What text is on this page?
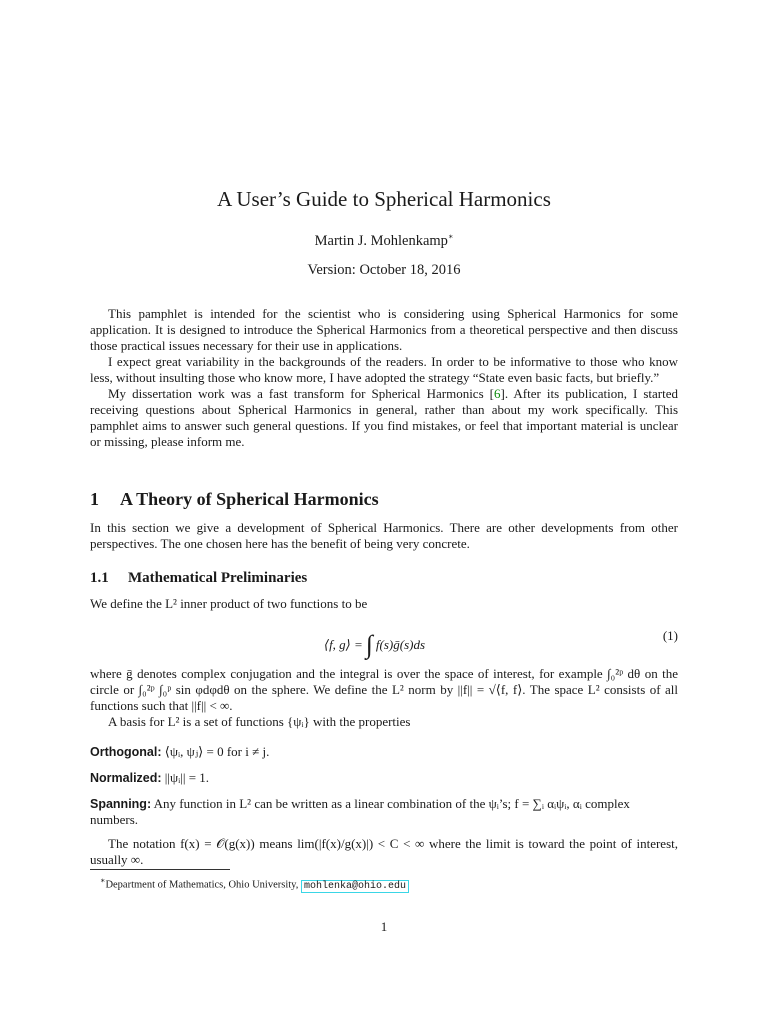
A User’s Guide to Spherical Harmonics
Martin J. Mohlenkamp∗
Version: October 18, 2016

This pamphlet is intended for the scientist who is considering using Spherical Harmonics for some application. It is designed to introduce the Spherical Harmonics from a theoretical perspective and then discuss those practical issues necessary for their use in applications.

I expect great variability in the backgrounds of the readers. In order to be informative to those who know less, without insulting those who know more, I have adopted the strategy “State even basic facts, but briefly.”

My dissertation work was a fast transform for Spherical Harmonics [6]. After its publication, I started receiving questions about Spherical Harmonics in general, rather than about my work specifically. This pamphlet aims to answer such general questions. If you find mistakes, or feel that important material is unclear or missing, please inform me.

1 A Theory of Spherical Harmonics

In this section we give a development of Spherical Harmonics. There are other developments from other perspectives. The one chosen here has the benefit of being very concrete.

1.1 Mathematical Preliminaries

We define the L² inner product of two functions to be

⟨f, g⟩ = ∫ f(s)ḡ(s)ds
(1)

where ḡ denotes complex conjugation and the integral is over the space of interest, for example ∫₀²ᵖ dθ on the circle or ∫₀²ᵖ ∫₀ᵖ sin φdφdθ on the sphere. We define the L² norm by ||f|| = √⟨f, f⟩. The space L² consists of all functions such that ||f|| < ∞.

A basis for L² is a set of functions {ψᵢ} with the properties

Orthogonal: ⟨ψᵢ, ψⱼ⟩ = 0 for i ≠ j.
Normalized: ||ψᵢ|| = 1.
Spanning: Any function in L² can be written as a linear combination of the ψᵢ’s; f = ∑ᵢ αᵢψᵢ, αᵢ complex numbers.

The notation f(x) = 𝒪(g(x)) means lim(|f(x)/g(x)|) < C < ∞ where the limit is toward the point of interest, usually ∞.

∗Department of Mathematics, Ohio University, mohlenka@ohio.edu
1
